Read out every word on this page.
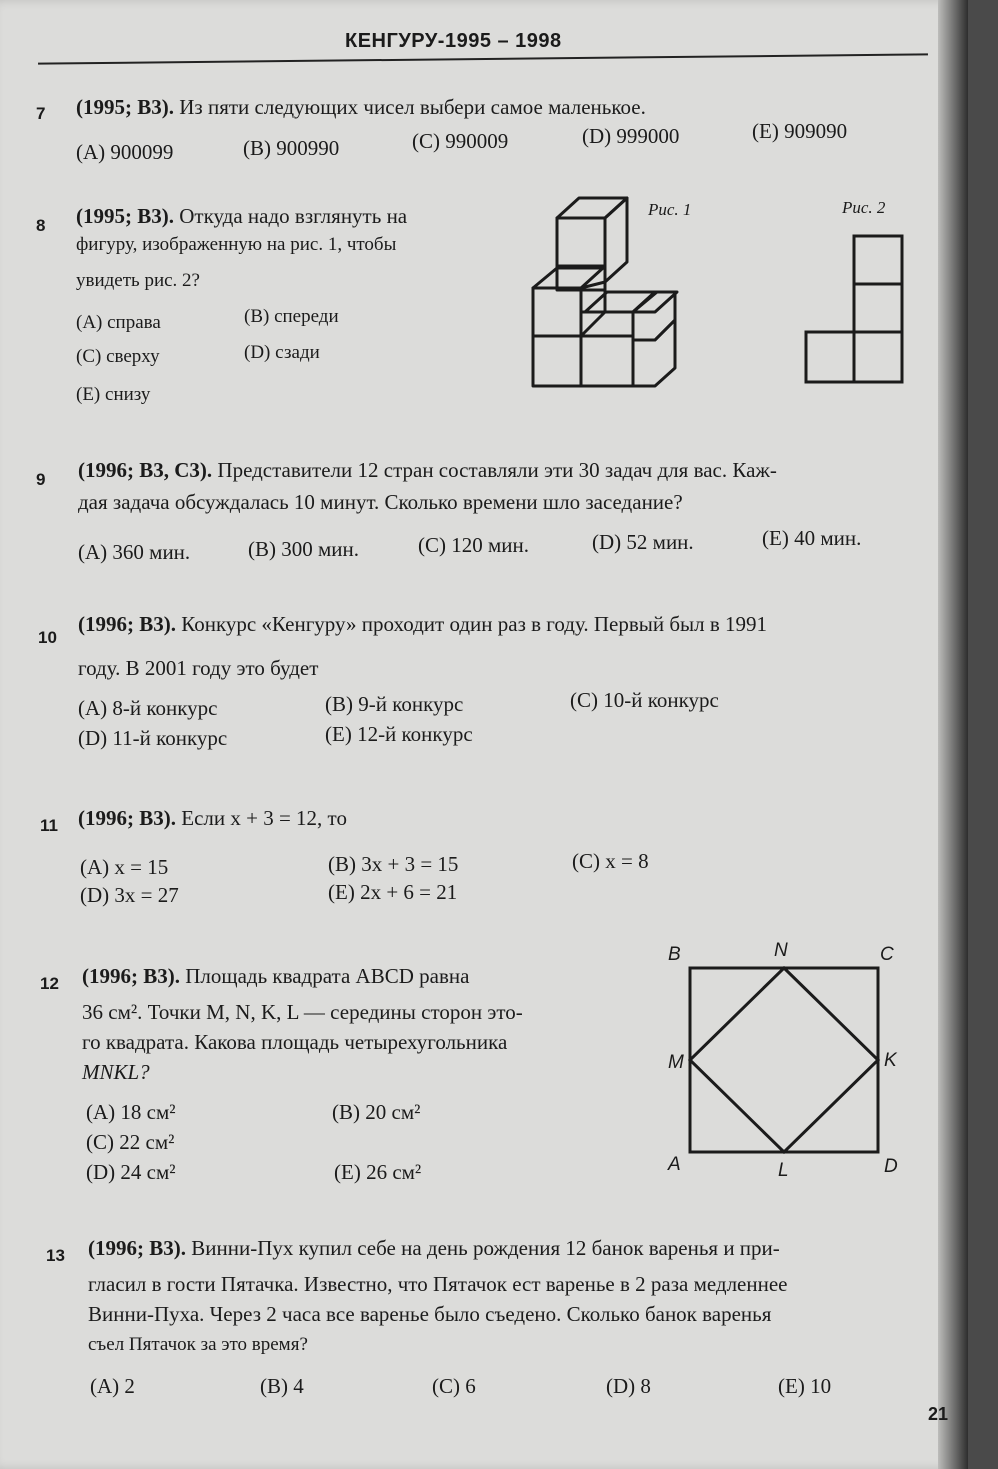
КЕНГУРУ-1995 – 1998
7 (1995; B3). Из пяти следующих чисел выбери самое маленькое.
(A) 900099	(B) 900990	(C) 990009	(D) 999000	(E) 909090
8 (1995; B3). Откуда надо взглянуть на
фигуру, изображенную на рис. 1, чтобы
увидеть рис. 2?
(A) справа	(B) спереди
(C) сверху	(D) сзади
(E) снизу
Рис. 1	Рис. 2
9 (1996; B3, C3). Представители 12 стран составляли эти 30 задач для вас. Каж-
дая задача обсуждалась 10 минут. Сколько времени шло заседание?
(A) 360 мин.	(B) 300 мин.	(C) 120 мин.	(D) 52 мин.	(E) 40 мин.
10
(1996; B3). Конкурс «Кенгуру» проходит один раз в году. Первый был в 1991
году. В 2001 году это будет
(A) 8-й конкурс	(B) 9-й конкурс	(C) 10-й конкурс
(D) 11-й конкурс	(E) 12-й конкурс
11 (1996; B3). Если x + 3 = 12, то
(A) x = 15	(B) 3x + 3 = 15	(C) x = 8
(D) 3x = 27	(E) 2x + 6 = 21
12 (1996; B3). Площадь квадрата ABCD равна
36 см². Точки M, N, K, L — середины сторон это-
го квадрата. Какова площадь четырехугольника
MNKL?
(A) 18 см²	(B) 20 см²
(C) 22 см²
(D) 24 см²	(E) 26 см²
B	N	C
M	K
A	L	D
13 (1996; B3). Винни-Пух купил себе на день рождения 12 банок варенья и при-
гласил в гости Пятачка. Известно, что Пятачок ест варенье в 2 раза медленнее
Винни-Пуха. Через 2 часа все варенье было съедено. Сколько банок варенья
съел Пятачок за это время?
(A) 2	(B) 4	(C) 6	(D) 8	(E) 10
21
